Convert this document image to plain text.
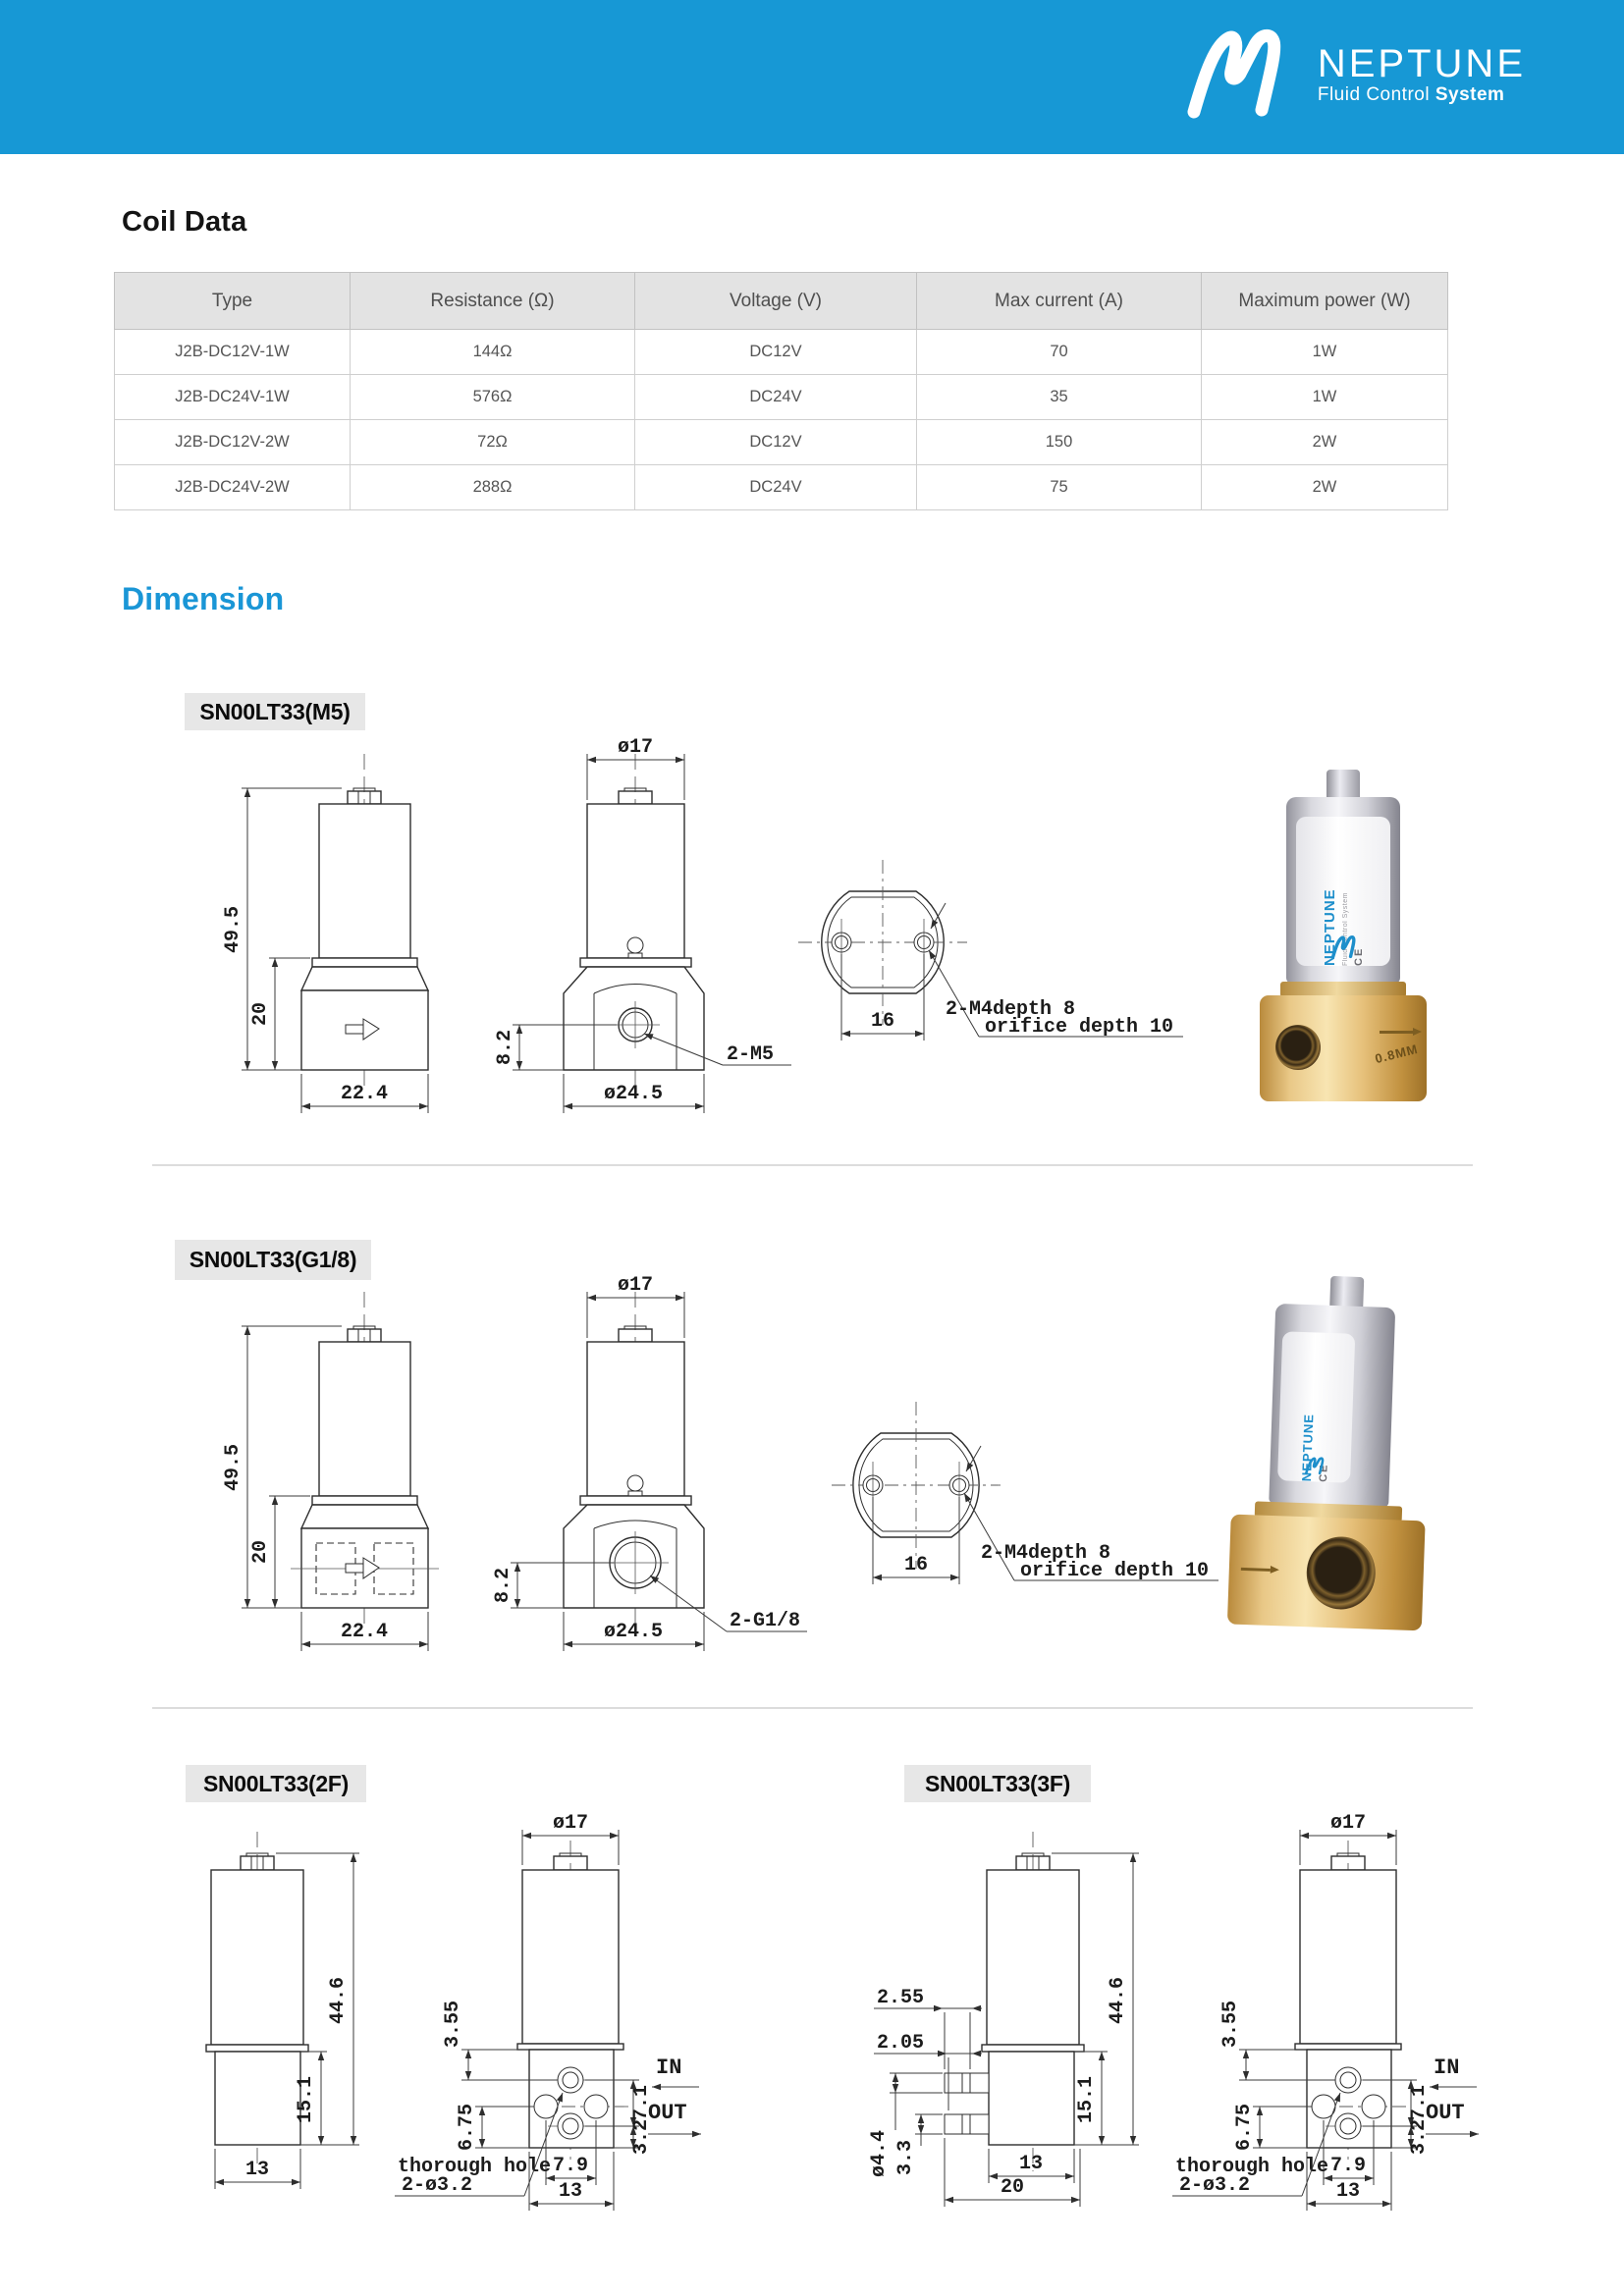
NEPTUNE
Fluid Control System
Coil Data
Type	Resistance (Ω)	Voltage (V)	Max current (A)	Maximum power (W)
J2B-DC12V-1W	144Ω	DC12V	70	1W
J2B-DC24V-1W	576Ω	DC24V	35	1W
J2B-DC12V-2W	72Ω	DC12V	150	2W
J2B-DC24V-2W	288Ω	DC24V	75	2W
Dimension
SN00LT33(M5)
SN00LT33(G1/8)
SN00LT33(2F)	SN00LT33(3F)
49.5
20
22.4
ø17
8.2
ø24.5
2-M5
16
2-M4depth 8
orifice depth 10
49.5
20
22.4
ø17
8.2
ø24.5	2-G1/8
16
2-M4depth 8
orifice depth 10
44.6
15.1
13
ø17
3.55
6.75
7.9
13
7.1
3.2
IN
OUT
thorough hole
2-ø3.2
2.55
2.05
ø4.4 3.3
15.1
44.6
13
20
ø17
3.55
6.75
7.9
13
7.1
3.2
IN
OUT
thorough hole
2-ø3.2
NEPTUNE Fluid Control System CE
0.8MM
NEPTUNE CE
